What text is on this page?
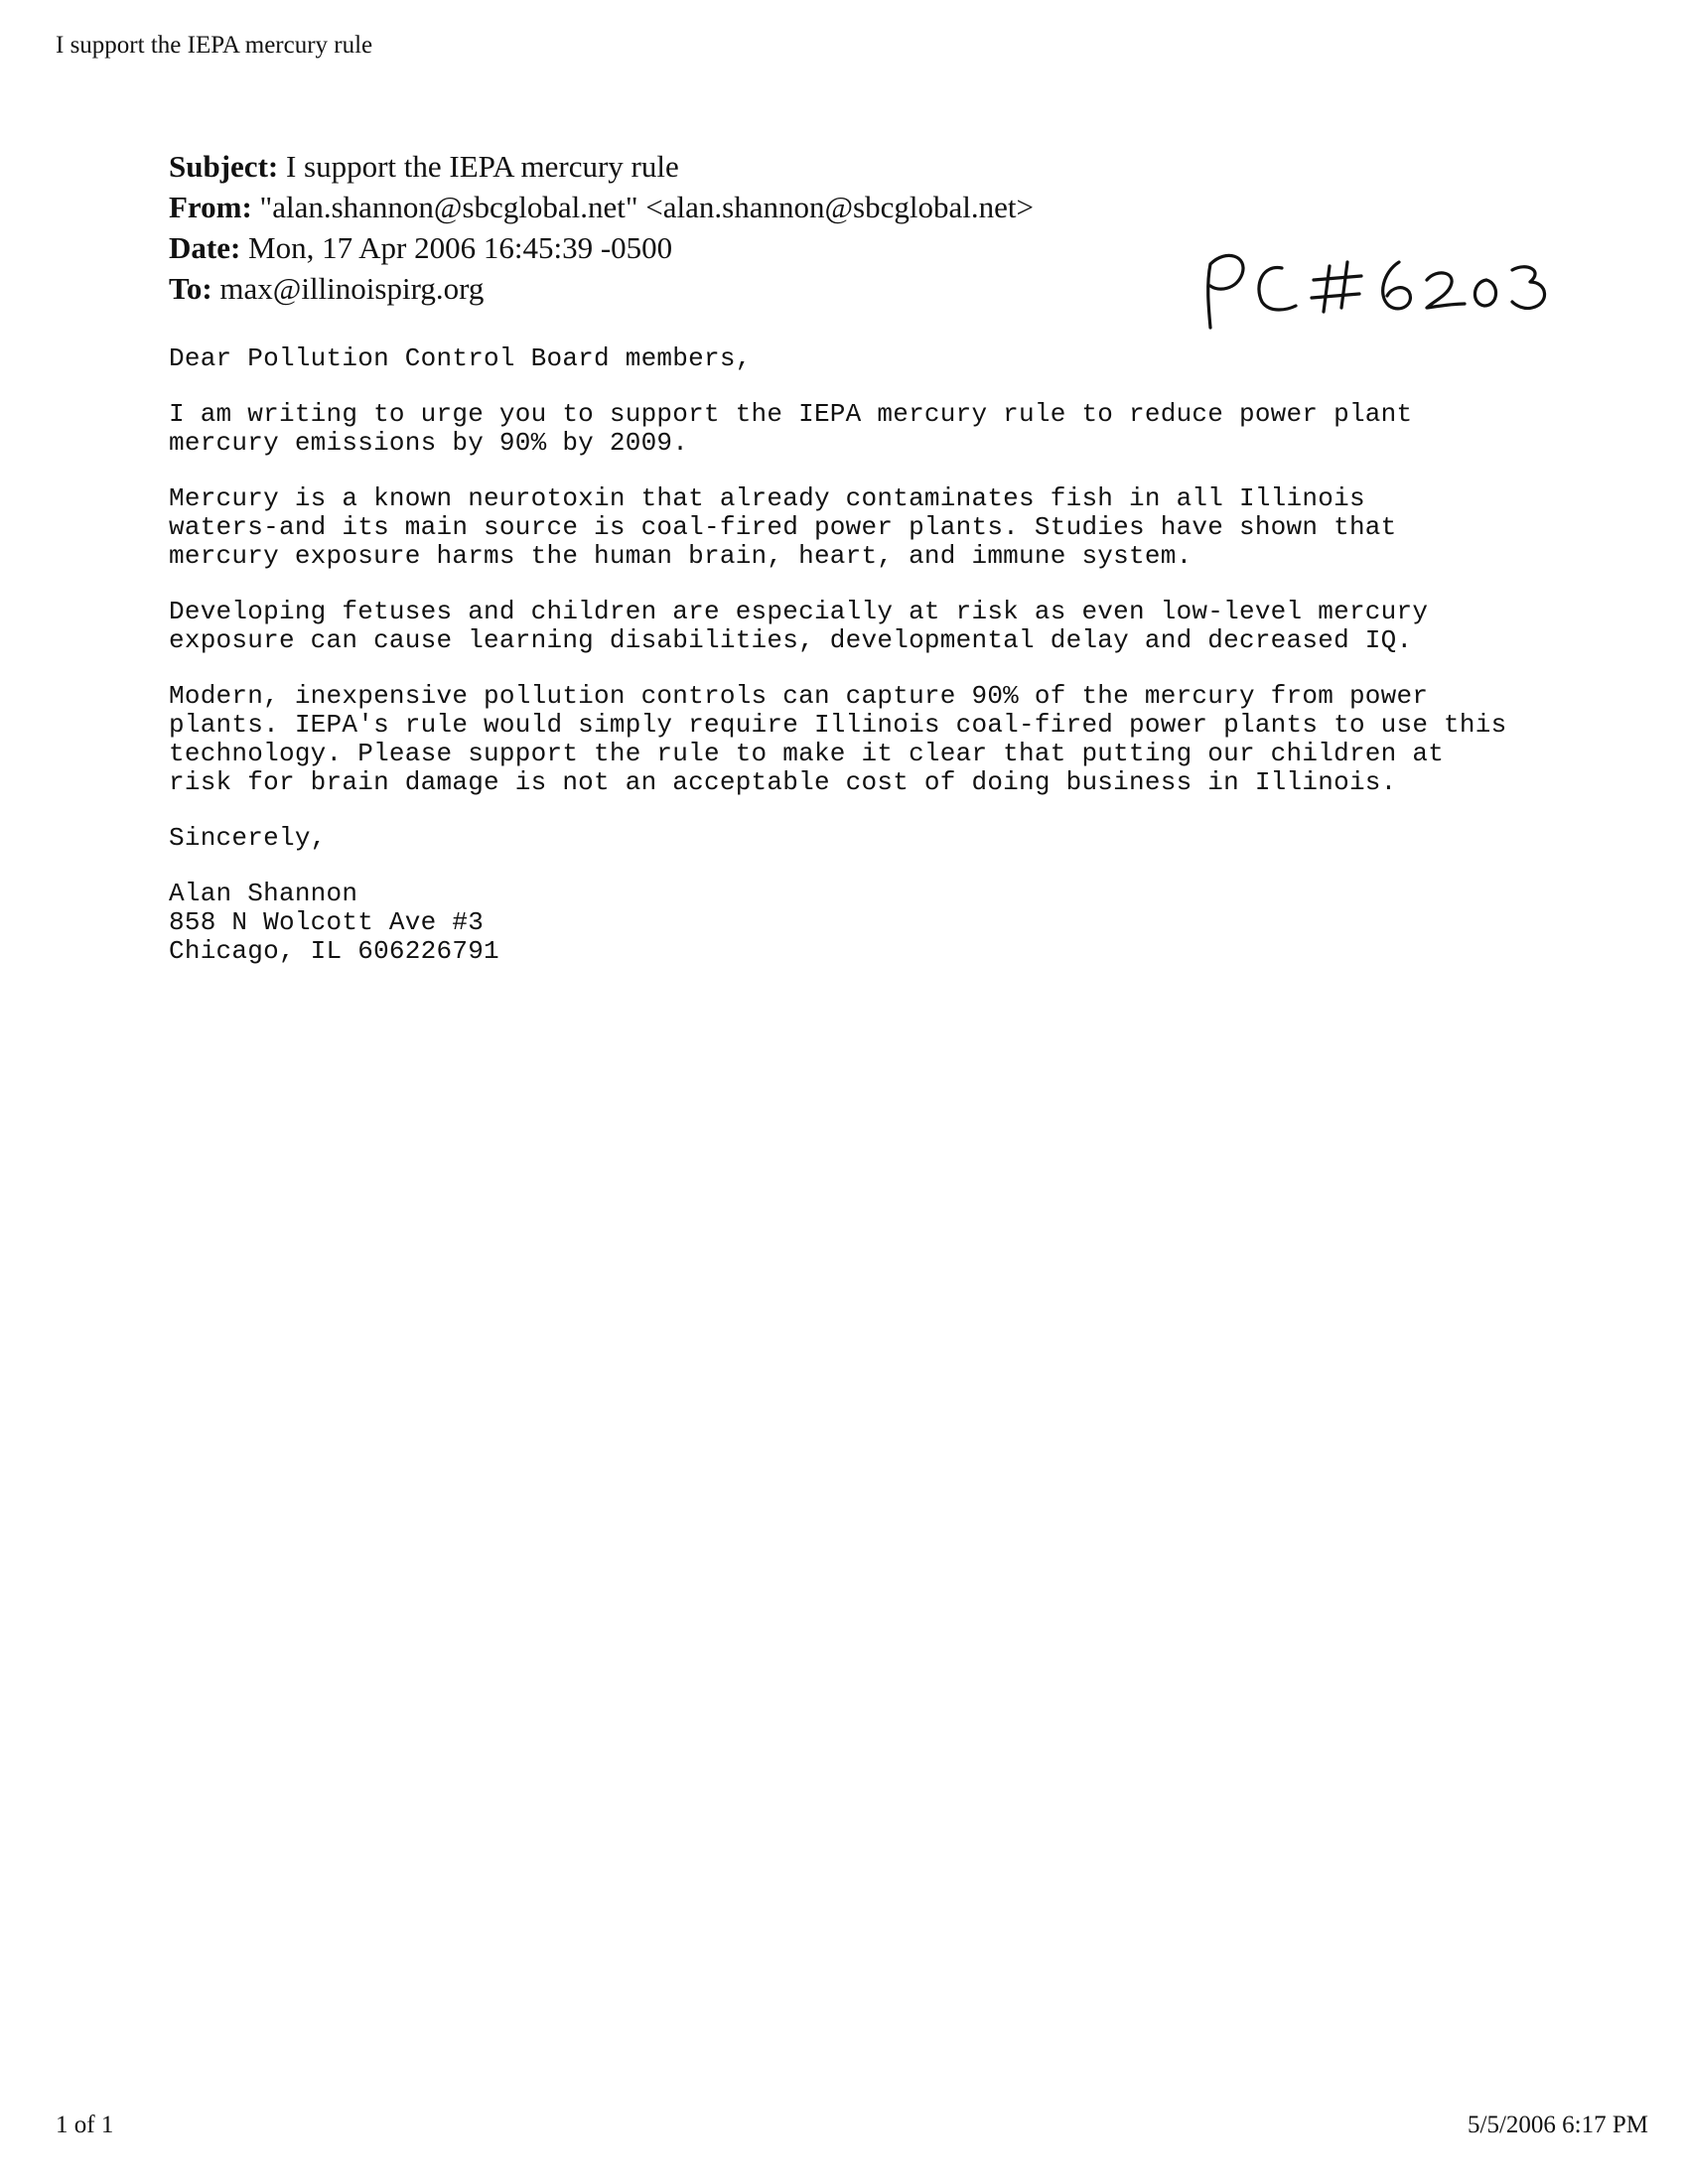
I support the IEPA mercury rule
Subject: I support the IEPA mercury rule
From: "alan.shannon@sbcglobal.net" <alan.shannon@sbcglobal.net>
Date: Mon, 17 Apr 2006 16:45:39 -0500
To: max@illinoispirg.org

Dear Pollution Control Board members,

I am writing to urge you to support the IEPA mercury rule to reduce power plant

mercury emissions by 90% by 2009.

Mercury is a known neurotoxin that already contaminates fish in all Illinois

waters-and its main source is coal-fired power plants. Studies have shown that

mercury exposure harms the human brain, heart, and immune system.

Developing fetuses and children are especially at risk as even low-level mercury

exposure can cause learning disabilities, developmental delay and decreased IQ.

Modern, inexpensive pollution controls can capture 90% of the mercury from power

plants. IEPA's rule would simply require Illinois coal-fired power plants to use this

technology. Please support the rule to make it clear that putting our children at

risk for brain damage is not an acceptable cost of doing business in Illinois.

Sincerely,

Alan Shannon

858 N Wolcott Ave #3

Chicago, IL 606226791

1 of 1	5/5/2006 6:17 PM
